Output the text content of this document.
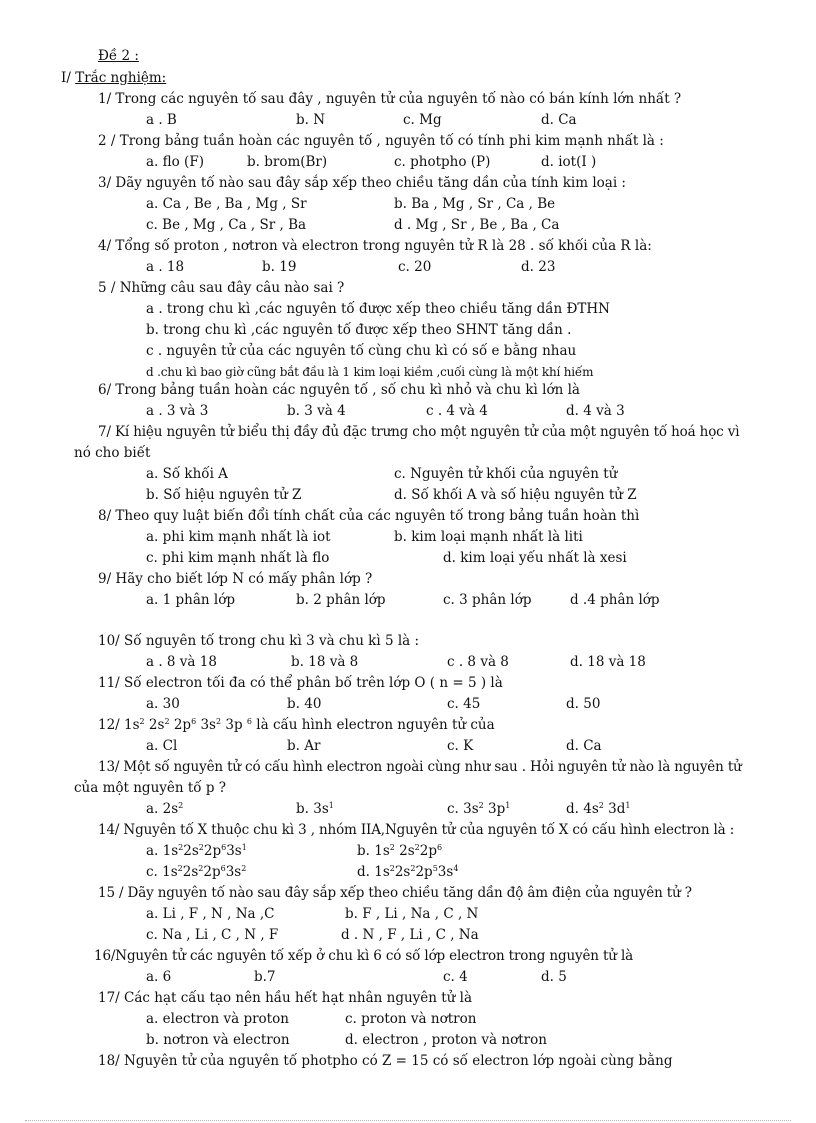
Đề 2 :
I/ Trắc nghiệm:
1/ Trong các nguyên tố sau đây , nguyên tử của nguyên tố nào có bán kính lớn nhất ?
a . B	b. N	c. Mg	d. Ca
2 / Trong bảng tuần hoàn các nguyên tố , nguyên tố có tính phi kim mạnh nhất là :
a. flo (F)	b. brom(Br)	c. photpho (P)	d. iot(I )
3/ Dãy nguyên tố nào sau đây sắp xếp theo chiều tăng dần của tính kim loại :
a. Ca , Be , Ba , Mg , Sr	b. Ba , Mg , Sr , Ca , Be
c. Be , Mg , Ca , Sr , Ba	d . Mg , Sr , Be , Ba , Ca
4/ Tổng số proton , nơtron và electron trong nguyên tử R là 28 . số khối của R là:
a . 18	b. 19	c. 20	d. 23
5 / Những câu sau đây câu nào sai ?
a . trong chu kì ,các nguyên tố được xếp theo chiều tăng dần ĐTHN
b. trong chu kì ,các nguyên tố được xếp theo SHNT tăng dần .
c . nguyên tử của các nguyên tố cùng chu kì có số e bằng nhau
d .chu kì bao giờ cũng bắt đầu là 1 kim loại kiềm ,cuối cùng là một khí hiếm
6/ Trong bảng tuần hoàn các nguyên tố , số chu kì nhỏ và chu kì lớn là
a . 3 và 3	b. 3 và 4	c . 4 và 4	d. 4 và 3
7/ Kí hiệu nguyên tử biểu thị đầy đủ đặc trưng cho một nguyên tử của một nguyên tố hoá học vì
nó cho biết
a. Số khối A	c. Nguyên tử khối của nguyên tử
b. Số hiệu nguyên tử Z	d. Số khối A và số hiệu nguyên tử Z
8/ Theo quy luật biến đổi tính chất của các nguyên tố trong bảng tuần hoàn thì
a. phi kim mạnh nhất là iot	b. kim loại mạnh nhất là liti
c. phi kim mạnh nhất là flo	d. kim loại yếu nhất là xesi
9/ Hãy cho biết lớp N có mấy phân lớp ?
a. 1 phân lớp	b. 2 phân lớp	c. 3 phân lớp	d .4 phân lớp
10/ Số nguyên tố trong chu kì 3 và chu kì 5 là :
a . 8 và 18	b. 18 và 8	c . 8 và 8	d. 18 và 18
11/ Số electron tối đa có thể phân bố trên lớp O ( n = 5 ) là
a. 30	b. 40	c. 45	d. 50
12/ $1s^2$ $2s^2$ $2p^6$ $3s^2$ 3p $^6$ là cấu hình electron nguyên tử của
a. Cl	b. Ar	c. K	d. Ca
13/ Một số nguyên tử có cấu hình electron ngoài cùng như sau . Hỏi nguyên tử nào là nguyên tử
của một nguyên tố p ?
a. $2s^2$	b. $3s^1$	c. $3s^2$ $3p^1$	d. $4s^2$ $3d^1$
14/ Nguyên tố X thuộc chu kì 3 , nhóm IIA,Nguyên tử của nguyên tố X có cấu hình electron là :
a. $1s^22s^22p^63s^1$	b. $1s^2$ $2s^22p^6$
c. $1s^22s^22p^63s^2$	d. $1s^22s^22p^53s^4$
15 / Dãy nguyên tố nào sau đây sắp xếp theo chiều tăng dần độ âm điện của nguyên tử ?
a. Li , F , N , Na ,C	b. F , Li , Na , C , N
c. Na , Li , C , N , F	d . N , F , Li , C , Na
16/Nguyên tử các nguyên tố xếp ở chu kì 6 có số lớp electron trong nguyên tử là
a. 6	b.7	c. 4	d. 5
17/ Các hạt cấu tạo nên hầu hết hạt nhân nguyên tử là
a. electron và proton	c. proton và nơtron
b. nơtron và electron	d. electron , proton và nơtron
18/ Nguyên tử của nguyên tố photpho có Z = 15 có số electron lớp ngoài cùng bằng
